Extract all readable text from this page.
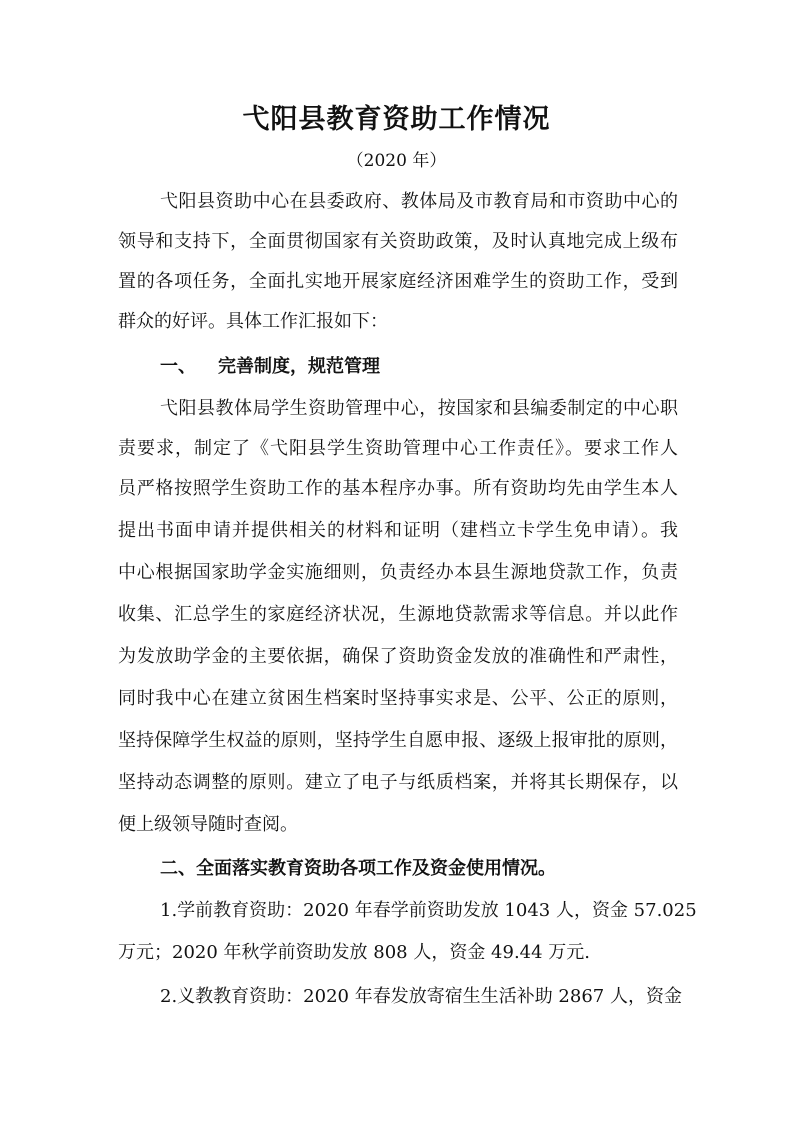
弋阳县教育资助工作情况

（2020 年）

弋阳县资助中心在县委政府、教体局及市教育局和市资助中心的

领导和支持下，全面贯彻国家有关资助政策，及时认真地完成上级布

置的各项任务，全面扎实地开展家庭经济困难学生的资助工作，受到

群众的好评。具体工作汇报如下：

一、 完善制度，规范管理

弋阳县教体局学生资助管理中心，按国家和县编委制定的中心职

责要求，制定了《弋阳县学生资助管理中心工作责任》。要求工作人

员严格按照学生资助工作的基本程序办事。所有资助均先由学生本人

提出书面申请并提供相关的材料和证明（建档立卡学生免申请）。我

中心根据国家助学金实施细则，负责经办本县生源地贷款工作，负责

收集、汇总学生的家庭经济状况，生源地贷款需求等信息。并以此作

为发放助学金的主要依据，确保了资助资金发放的准确性和严肃性，

同时我中心在建立贫困生档案时坚持事实求是、公平、公正的原则，

坚持保障学生权益的原则，坚持学生自愿申报、逐级上报审批的原则，

坚持动态调整的原则。建立了电子与纸质档案，并将其长期保存，以

便上级领导随时查阅。

二、全面落实教育资助各项工作及资金使用情况。

1.学前教育资助：2020 年春学前资助发放 1043 人，资金 57.025

万元；2020 年秋学前资助发放 808 人，资金 49.44 万元.

2.义教教育资助：2020 年春发放寄宿生生活补助 2867 人，资金
